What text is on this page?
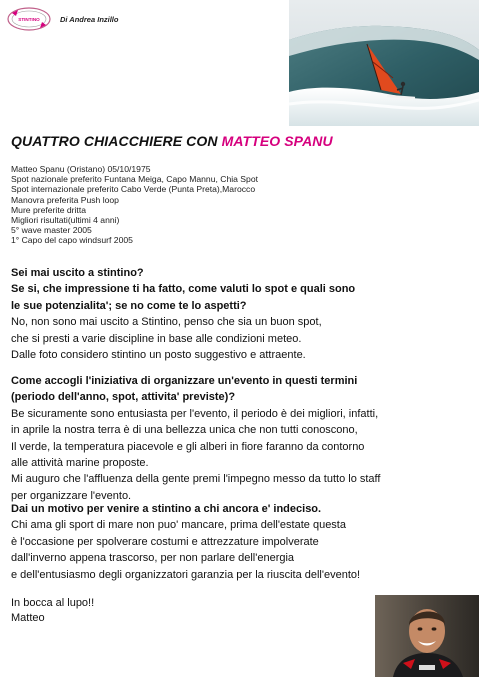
STINTINO	Di Andrea Inzillo
QUATTRO CHIACCHIERE CON MATTEO SPANU
Matteo Spanu (Oristano) 05/10/1975
Spot nazionale preferito Funtana Meiga, Capo Mannu, Chia Spot
Spot internazionale preferito Cabo Verde (Punta Preta),Marocco
Manovra preferita Push loop
Mure preferite dritta
Migliori risultati(ultimi 4 anni)
5° wave master 2005
1° Capo del capo windsurf 2005
Sei mai uscito a stintino?
Se si, che impressione ti ha fatto, come valuti lo spot e quali sono
le sue potenzialita'; se no come te lo aspetti?
No, non sono mai uscito a Stintino, penso che sia un buon spot,
che si presti a varie discipline in base alle condizioni meteo.
Dalle foto considero stintino un posto suggestivo e attraente.
Come accogli l'iniziativa di organizzare un'evento in questi termini
(periodo dell'anno, spot, attivita' previste)?
Be sicuramente sono entusiasta per l'evento, il periodo è dei migliori, infatti,
in aprile la nostra terra è di una bellezza unica che non tutti conoscono,
Il verde, la temperatura piacevole e gli alberi in fiore faranno da contorno
alle attività marine proposte.
Mi auguro che l'affluenza della gente premi l'impegno messo da tutto lo staff
per organizzare l'evento.
Dai un motivo per venire a stintino a chi ancora e' indeciso.
Chi ama gli sport di mare non puo' mancare, prima dell'estate questa
è l'occasione per spolverare costumi e attrezzature impolverate
dall'inverno appena trascorso, per non parlare dell'energia
e dell'entusiasmo degli organizzatori garanzia per la riuscita dell'evento!
In bocca al lupo!!
Matteo
